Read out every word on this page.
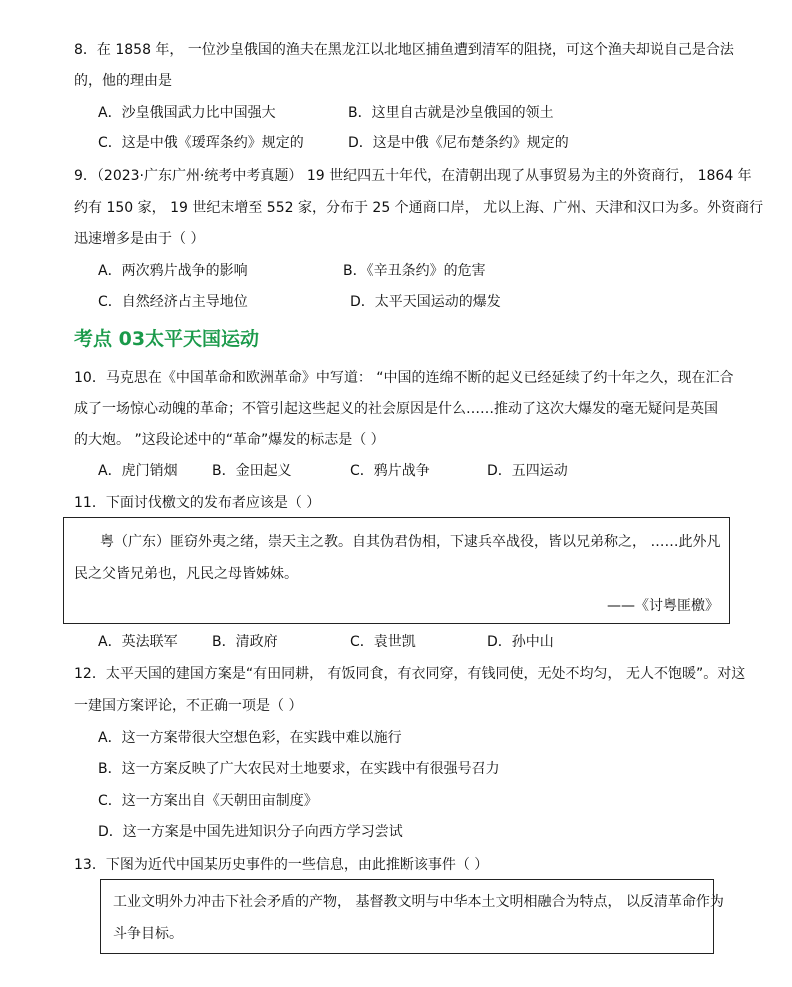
8．在 1858 年， 一位沙皇俄国的渔夫在黑龙江以北地区捕鱼遭到清军的阻挠，可这个渔夫却说自己是合法
的，他的理由是
A．沙皇俄国武力比中国强大	B．这里自古就是沙皇俄国的领土
C．这是中俄《瑷珲条约》规定的	D．这是中俄《尼布楚条约》规定的
9．（2023·广东广州·统考中考真题） 19 世纪四五十年代，在清朝出现了从事贸易为主的外资商行， 1864 年
约有 150 家， 19 世纪末增至 552 家，分布于 25 个通商口岸， 尤以上海、广州、天津和汉口为多。外资商行
迅速增多是由于（ ）
A．两次鸦片战争的影响	B．《辛丑条约》的危害
C．自然经济占主导地位	D．太平天国运动的爆发
考点 03太平天国运动
10．马克思在《中国革命和欧洲革命》中写道： “中国的连绵不断的起义已经延续了约十年之久，现在汇合
成了一场惊心动魄的革命；不管引起这些起义的社会原因是什么……推动了这次大爆发的毫无疑问是英国
的大炮。 ”这段论述中的“革命”爆发的标志是（ ）
A．虎门销烟 B．金田起义	C．鸦片战争	D．五四运动
11．下面讨伐檄文的发布者应该是（ ）
粤（广东）匪窃外夷之绪，崇天主之教。自其伪君伪相，下逮兵卒战役，皆以兄弟称之， ……此外凡
民之父皆兄弟也，凡民之母皆姊妹。
——《讨粤匪檄》
A．英法联军 B．清政府	C．袁世凯	D．孙中山
12．太平天国的建国方案是“有田同耕， 有饭同食，有衣同穿，有钱同使，无处不均匀， 无人不饱暖”。对这
一建国方案评论，不正确一项是（ ）
A．这一方案带很大空想色彩，在实践中难以施行
B．这一方案反映了广大农民对土地要求，在实践中有很强号召力
C．这一方案出自《天朝田亩制度》
D．这一方案是中国先进知识分子向西方学习尝试
13．下图为近代中国某历史事件的一些信息，由此推断该事件（ ）
工业文明外力冲击下社会矛盾的产物， 基督教文明与中华本土文明相融合为特点， 以反清革命作为
斗争目标。
